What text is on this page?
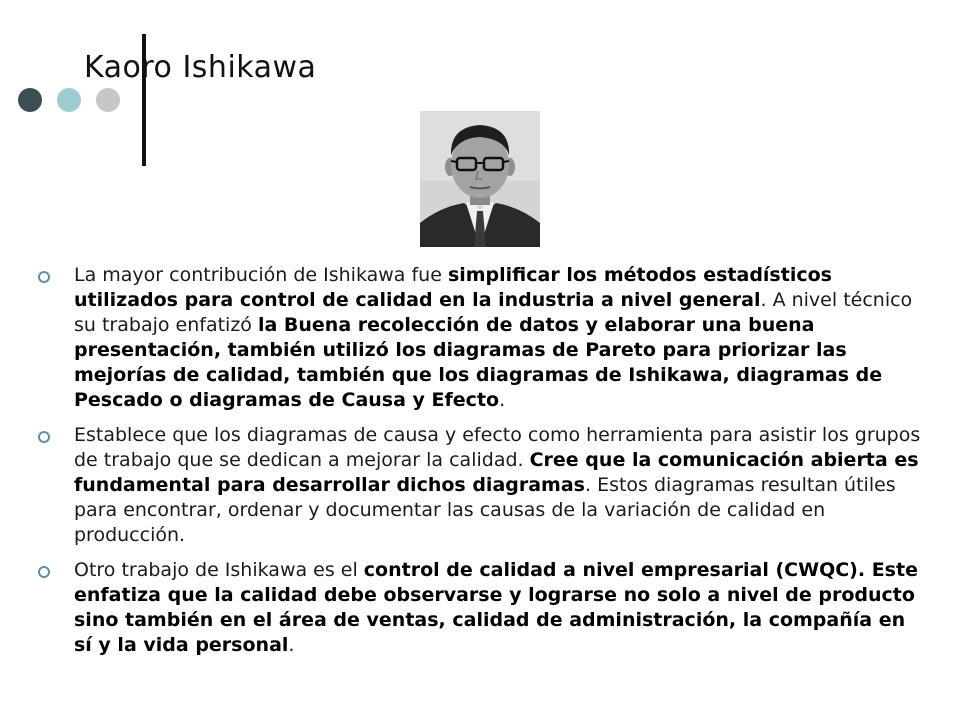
Kaoro Ishikawa
La mayor contribución de Ishikawa fue simplificar los métodos estadísticos utilizados para control de calidad en la industria a nivel general. A nivel técnico su trabajo enfatizó la Buena recolección de datos y elaborar una buena presentación, también utilizó los diagramas de Pareto para priorizar las mejorías de calidad, también que los diagramas de Ishikawa, diagramas de Pescado o diagramas de Causa y Efecto.
Establece que los diagramas de causa y efecto como herramienta para asistir los grupos de trabajo que se dedican a mejorar la calidad. Cree que la comunicación abierta es fundamental para desarrollar dichos diagramas. Estos diagramas resultan útiles para encontrar, ordenar y documentar las causas de la variación de calidad en producción.
Otro trabajo de Ishikawa es el control de calidad a nivel empresarial (CWQC). Este enfatiza que la calidad debe observarse y lograrse no solo a nivel de producto sino también en el área de ventas, calidad de administración, la compañía en sí y la vida personal.
